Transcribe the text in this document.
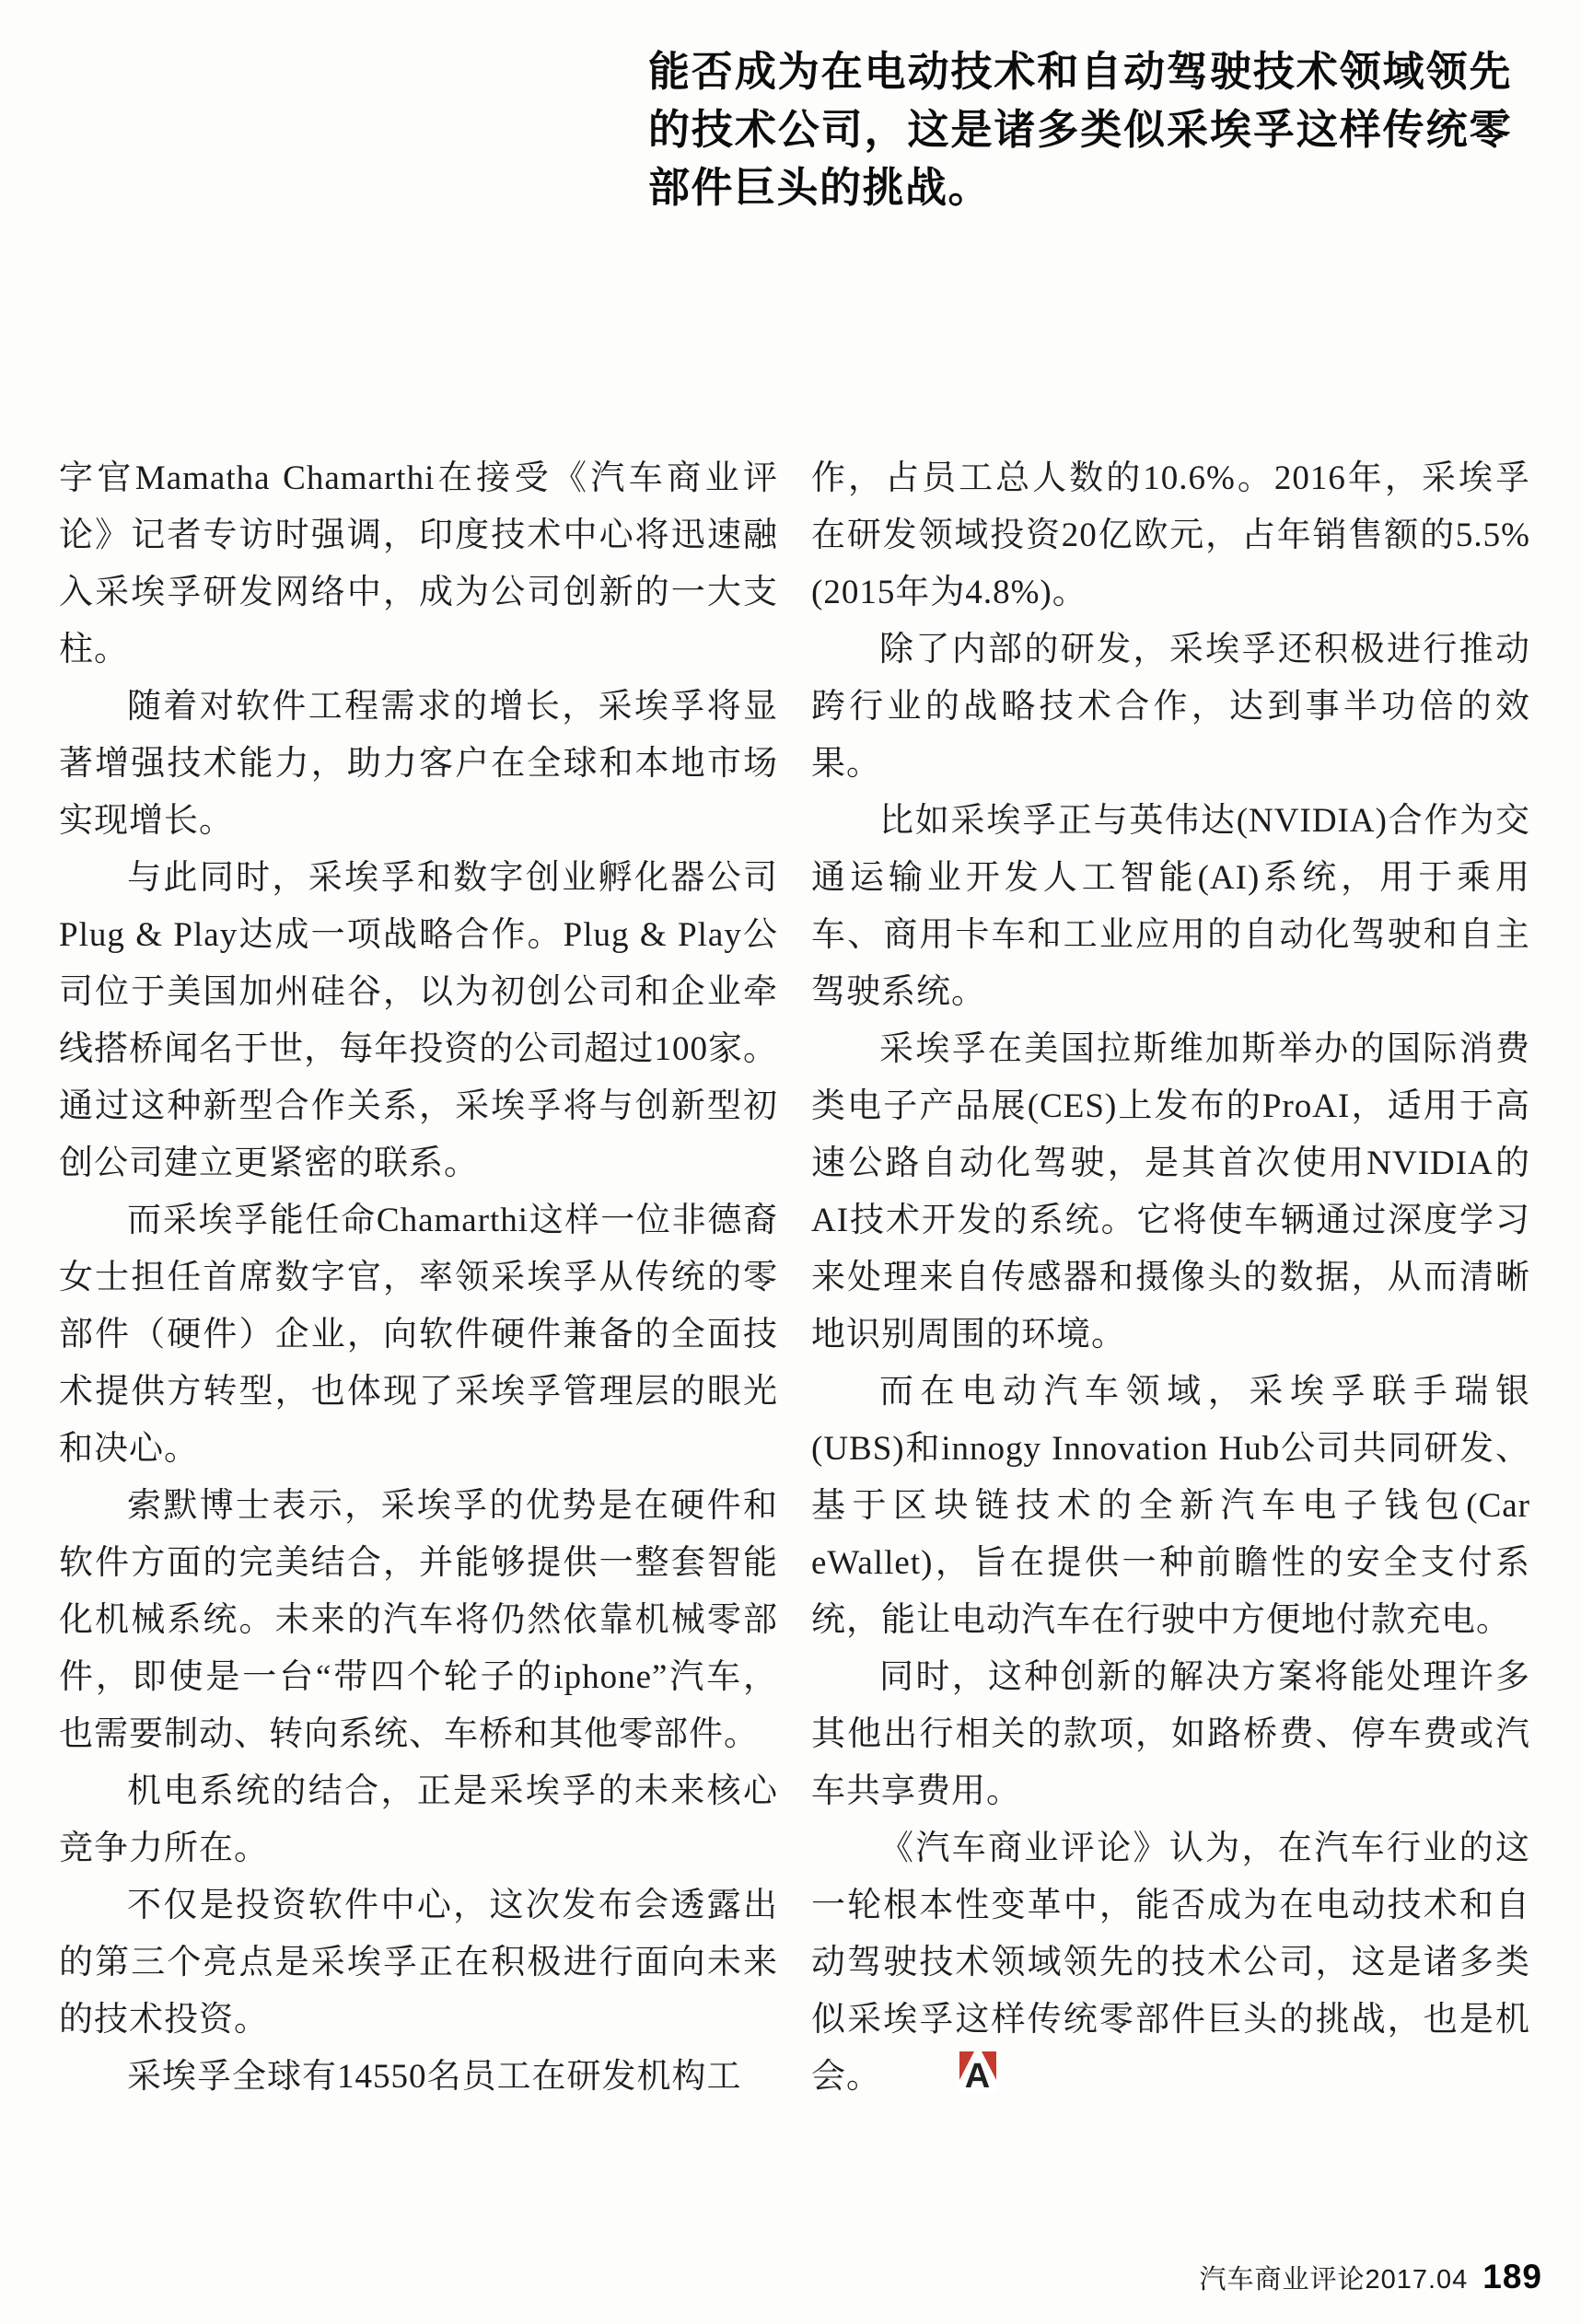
能否成为在电动技术和自动驾驶技术领域领先的技术公司，这是诸多类似采埃孚这样传统零部件巨头的挑战。

字官Mamatha Chamarthi在接受《汽车商业评论》记者专访时强调，印度技术中心将迅速融入采埃孚研发网络中，成为公司创新的一大支柱。

随着对软件工程需求的增长，采埃孚将显著增强技术能力，助力客户在全球和本地市场实现增长。

与此同时，采埃孚和数字创业孵化器公司Plug & Play达成一项战略合作。Plug & Play公司位于美国加州硅谷，以为初创公司和企业牵线搭桥闻名于世，每年投资的公司超过100家。通过这种新型合作关系，采埃孚将与创新型初创公司建立更紧密的联系。

而采埃孚能任命Chamarthi这样一位非德裔女士担任首席数字官，率领采埃孚从传统的零部件（硬件）企业，向软件硬件兼备的全面技术提供方转型，也体现了采埃孚管理层的眼光和决心。

索默博士表示，采埃孚的优势是在硬件和软件方面的完美结合，并能够提供一整套智能化机械系统。未来的汽车将仍然依靠机械零部件，即使是一台“带四个轮子的iphone”汽车，也需要制动、转向系统、车桥和其他零部件。

机电系统的结合，正是采埃孚的未来核心竞争力所在。

不仅是投资软件中心，这次发布会透露出的第三个亮点是采埃孚正在积极进行面向未来的技术投资。

采埃孚全球有14550名员工在研发机构工

作，占员工总人数的10.6%。2016年，采埃孚在研发领域投资20亿欧元，占年销售额的5.5%(2015年为4.8%)。

除了内部的研发，采埃孚还积极进行推动跨行业的战略技术合作，达到事半功倍的效果。

比如采埃孚正与英伟达(NVIDIA)合作为交通运输业开发人工智能(AI)系统，用于乘用车、商用卡车和工业应用的自动化驾驶和自主驾驶系统。

采埃孚在美国拉斯维加斯举办的国际消费类电子产品展(CES)上发布的ProAI，适用于高速公路自动化驾驶，是其首次使用NVIDIA的AI技术开发的系统。它将使车辆通过深度学习来处理来自传感器和摄像头的数据，从而清晰地识别周围的环境。

而在电动汽车领域，采埃孚联手瑞银(UBS)和innogy Innovation Hub公司共同研发、基于区块链技术的全新汽车电子钱包(Car eWallet)，旨在提供一种前瞻性的安全支付系统，能让电动汽车在行驶中方便地付款充电。

同时，这种创新的解决方案将能处理许多其他出行相关的款项，如路桥费、停车费或汽车共享费用。

《汽车商业评论》认为，在汽车行业的这一轮根本性变革中，能否成为在电动技术和自动驾驶技术领域领先的技术公司，这是诸多类似采埃孚这样传统零部件巨头的挑战，也是机会。 A

汽车商业评论2017.04 189
